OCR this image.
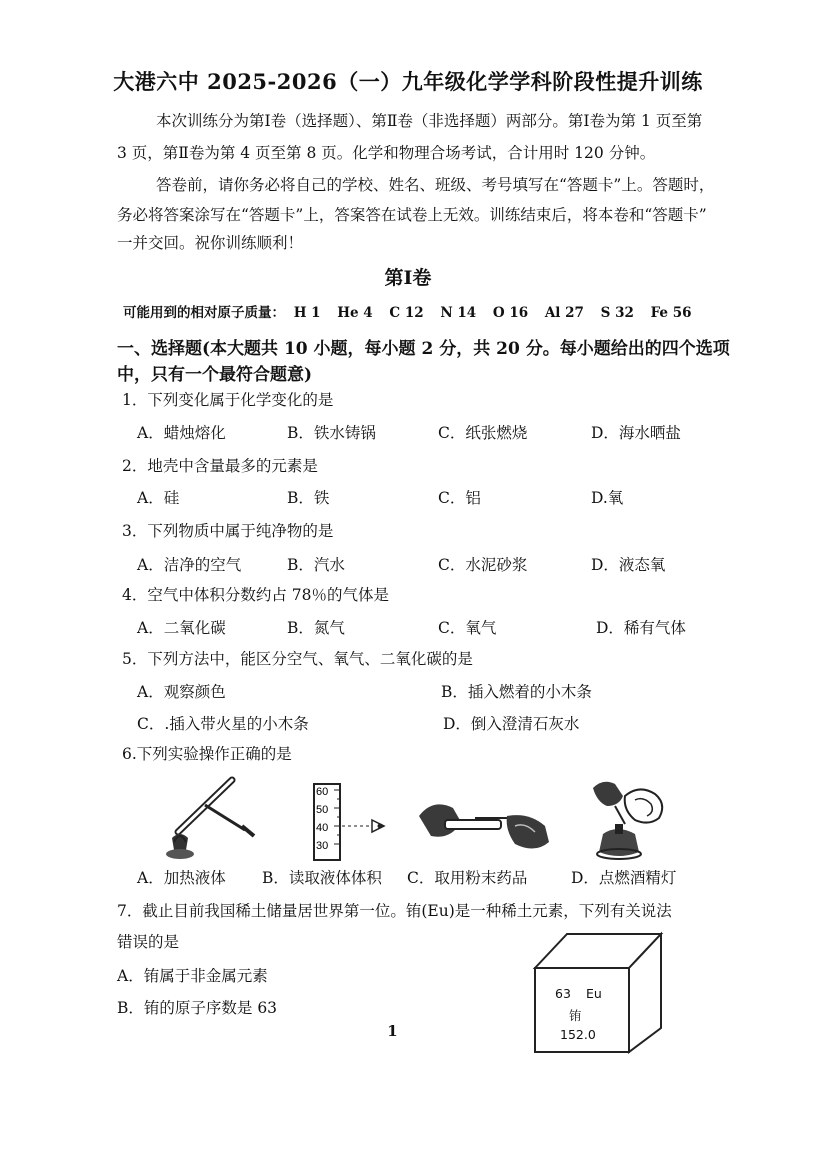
大港六中 2025-2026（一）九年级化学学科阶段性提升训练
本次训练分为第Ⅰ卷（选择题）、第Ⅱ卷（非选择题）两部分。第Ⅰ卷为第 1 页至第
3 页，第Ⅱ卷为第 4 页至第 8 页。化学和物理合场考试，合计用时 120 分钟。
答卷前，请你务必将自己的学校、姓名、班级、考号填写在“答题卡”上。答题时，
务必将答案涂写在“答题卡”上，答案答在试卷上无效。训练结束后，将本卷和“答题卡”
一并交回。祝你训练顺利！
第Ⅰ卷
可能用到的相对原子质量： H 1 He 4 C 12 N 14 O 16 Al 27 S 32 Fe 56
一、选择题(本大题共 10 小题，每小题 2 分，共 20 分。每小题给出的四个选项
中，只有一个最符合题意)
1．下列变化属于化学变化的是
A．蜡烛熔化	B．铁水铸锅	C．纸张燃烧	D．海水晒盐
2．地壳中含量最多的元素是
A．硅	B．铁	C．铝	D.氧
3．下列物质中属于纯净物的是
A．洁净的空气	B．汽水	C．水泥砂浆	D．液态氧
4．空气中体积分数约占 78％的气体是
A．二氧化碳	B．氮气	C．氧气	D．稀有气体
5．下列方法中，能区分空气、氧气、二氧化碳的是
A．观察颜色	B．插入燃着的小木条
C．.插入带火星的小木条	D．倒入澄清石灰水
6.下列实验操作正确的是
60
50
40
30
A．加热液体 B．读取液体体积 C．取用粉末药品	D．点燃酒精灯
7．截止目前我国稀土储量居世界第一位。铕(Eu)是一种稀土元素，下列有关说法
错误的是
A．铕属于非金属元素
B．铕的原子序数是 63
63 Eu
铕
152.0
1
